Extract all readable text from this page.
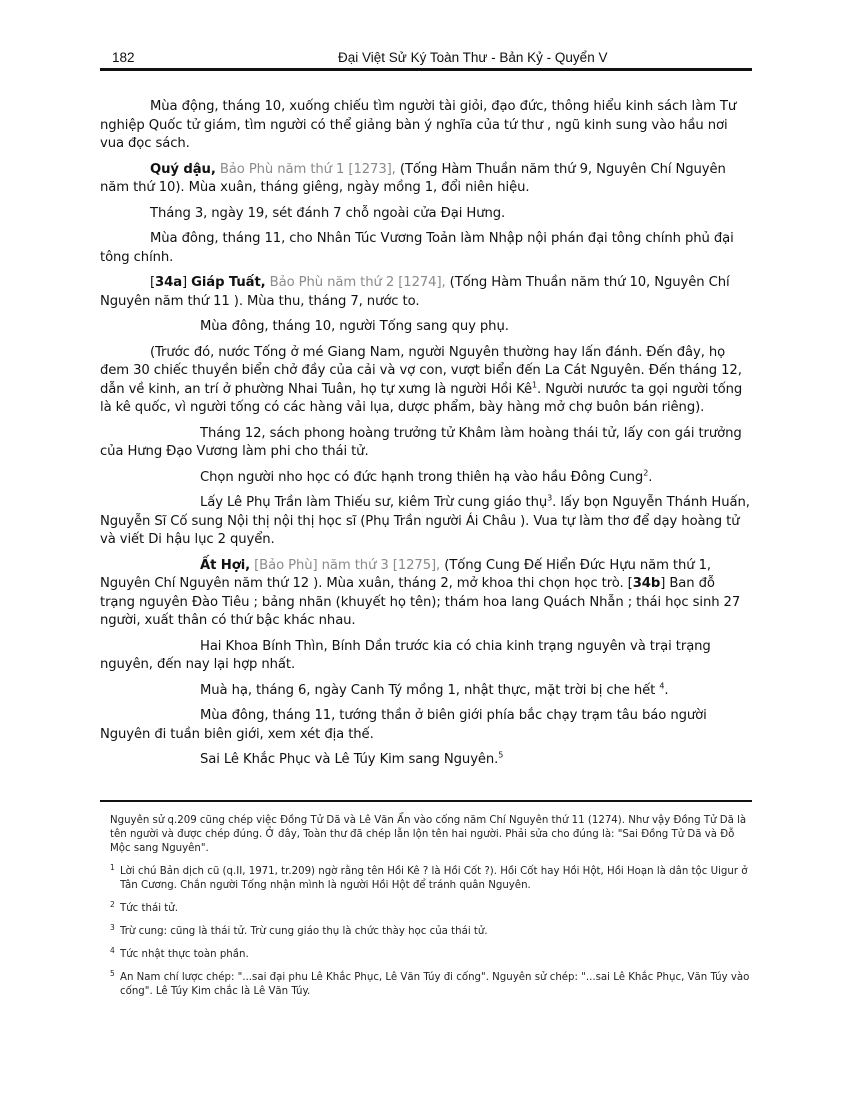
182	Đại Việt Sử Ký Toàn Thư - Bản Kỷ - Quyển V

Mùa động, tháng 10, xuống chiếu tìm người tài giỏi, đạo đức, thông hiểu kinh sách làm Tư nghiệp Quốc tử giám, tìm người có thể giảng bàn ý nghĩa của tứ thư , ngũ kinh sung vào hầu nơi vua đọc sách.

Quý dậu, Bảo Phù năm thứ 1 [1273], (Tống Hàm Thuần năm thứ 9, Nguyên Chí Nguyên năm thứ 10). Mùa xuân, tháng giêng, ngày mồng 1, đổi niên hiệu.

Tháng 3, ngày 19, sét đánh 7 chỗ ngoài cửa Đại Hưng.

Mùa đông, tháng 11, cho Nhân Túc Vương Toản làm Nhập nội phán đại tông chính phủ đại tông chính.

[34a] Giáp Tuất, Bảo Phù năm thứ 2 [1274], (Tống Hàm Thuần năm thứ 10, Nguyên Chí Nguyên năm thứ 11 ). Mùa thu, tháng 7, nước to.

Mùa đông, tháng 10, người Tống sang quy phụ.

(Trước đó, nước Tống ở mé Giang Nam, người Nguyên thường hay lấn đánh. Đến đây, họ đem 30 chiếc thuyền biển chở đầy của cải và vợ con, vượt biển đến La Cát Nguyên. Đến tháng 12, dẫn về kinh, an trí ở phường Nhai Tuân, họ tự xưng là người Hồi $Kê^1$. Người nưước ta gọi người tống là kê quốc, vì người tống có các hàng vải lụa, dược phẩm, bày hàng mở chợ buôn bán riêng).

Tháng 12, sách phong hoàng trưởng tử Khâm làm hoàng thái tử, lấy con gái trưởng của Hưng Đạo Vương làm phi cho thái tử.

Chọn người nho học có đức hạnh trong thiên hạ vào hầu Đông Cung$^2$.

Lấy Lê Phụ Trần làm Thiếu sư, kiêm Trừ cung giáo thụ$^3$. lấy bọn Nguyễn Thánh Huấn, Nguyễn Sĩ Cố sung Nội thị nội thị học sĩ (Phụ Trần người Ái Châu ). Vua tự làm thơ để dạy hoàng tử và viết Di hậu lục 2 quyển.

Ất Hợi, [Bảo Phù] năm thứ 3 [1275], (Tống Cung Đế Hiển Đức Hựu năm thứ 1, Nguyên Chí Nguyên năm thứ 12 ). Mùa xuân, tháng 2, mở khoa thi chọn học trò. [34b] Ban đỗ trạng nguyên Đào Tiêu ; bảng nhãn (khuyết họ tên); thám hoa lang Quách Nhẫn ; thái học sinh 27 người, xuất thân có thứ bậc khác nhau.

Hai Khoa Bính Thìn, Bính Dần trước kia có chia kinh trạng nguyên và trại trạng nguyên, đến nay lại hợp nhất.

Muà hạ, tháng 6, ngày Canh Tý mồng 1, nhật thực, mặt trời bị che hết $^4$.

Mùa đông, tháng 11, tướng thần ở biên giới phía bắc chạy trạm tâu báo người Nguyên đi tuần biên giới, xem xét địa thế.

Sai Lê Khắc Phục và Lê Túy Kim sang Nguyên.$^5$

Nguyên sử q.209 cũng chép việc Đồng Tử Dã và Lê Văn Ẩn vào cống năm Chí Nguyên thứ 11 (1274). Như vậy Đồng Tử Dã là tên người và được chép đúng. Ở đây, Toàn thư đã chép lẫn lộn tên hai người. Phải sửa cho đúng là: "Sai Đồng Tử Dã và Đỗ Mộc sang Nguyên".

1 Lời chú Bản dịch cũ (q.II, 1971, tr.209) ngờ rằng tên Hồi Kê ? là Hồi Cốt ?). Hồi Cốt hay Hồi Hột, Hồi Hoạn là dân tộc Uigur ở Tân Cương. Chắn người Tống nhận mình là người Hồi Hột để tránh quân Nguyên.

2 Tức thái tử.

3 Trừ cung: cũng là thái tử. Trừ cung giáo thụ là chức thày học của thái tử.

4 Tức nhật thực toàn phần.

5 An Nam chí lược chép: "...sai đại phu Lê Khắc Phục, Lê Văn Túy đi cống". Nguyên sử chép: "...sai Lê Khắc Phục, Văn Túy vào cống". Lê Túy Kim chắc là Lê Văn Túy.
